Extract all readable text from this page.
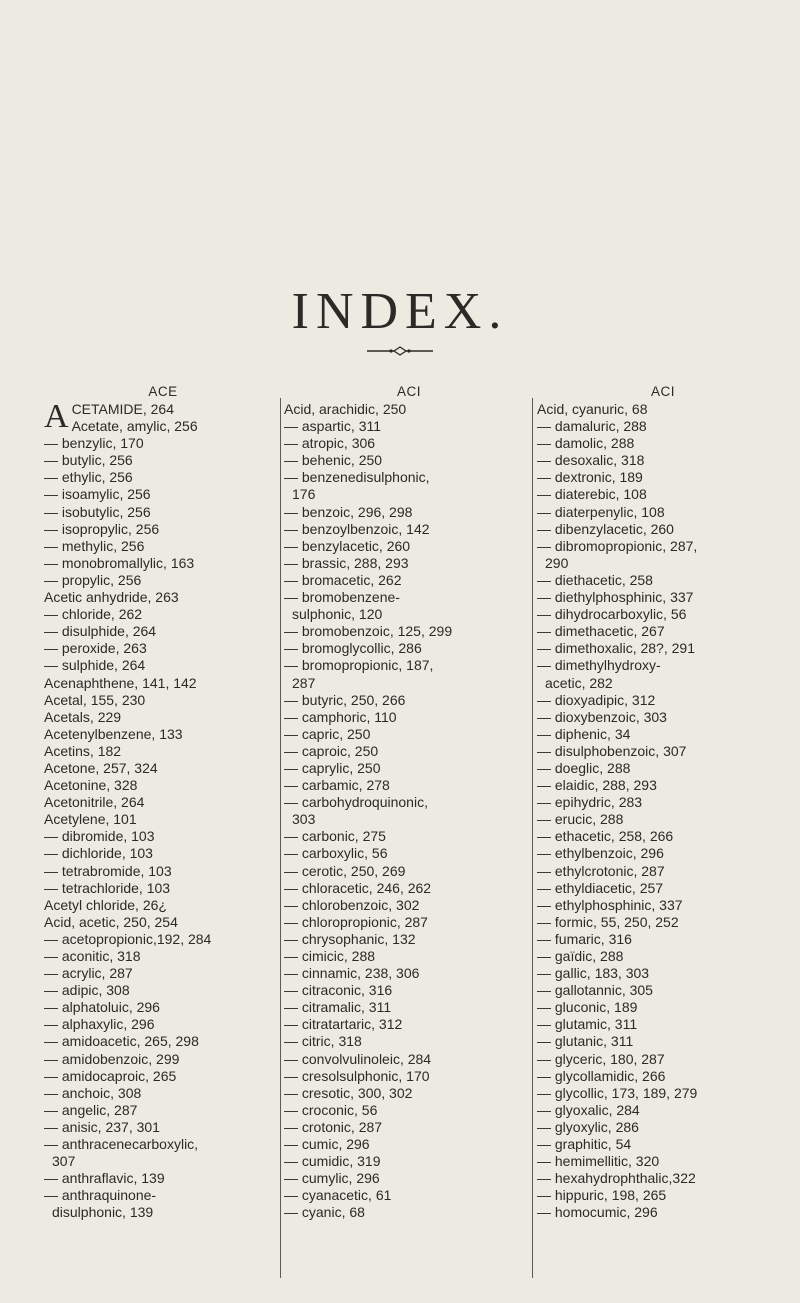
INDEX.
ACE
A CETAMIDE, 264
Acetate, amylic, 256
— benzylic, 170
— butylic, 256
— ethylic, 256
— isoamylic, 256
— isobutylic, 256
— isopropylic, 256
— methylic, 256
— monobromallylic, 163
— propylic, 256
Acetic anhydride, 263
— chloride, 262
— disulphide, 264
— peroxide, 263
— sulphide, 264
Acenaphthene, 141, 142
Acetal, 155, 230
Acetals, 229
Acetenylbenzene, 133
Acetins, 182
Acetone, 257, 324
Acetonine, 328
Acetonitrile, 264
Acetylene, 101
— dibromide, 103
— dichloride, 103
— tetrabromide, 103
— tetrachloride, 103
Acetyl chloride, 26¿
Acid, acetic, 250, 254
— acetopropionic,192, 284
— aconitic, 318
— acrylic, 287
— adipic, 308
— alphatoluic, 296
— alphaxylic, 296
— amidoacetic, 265, 298
— amidobenzoic, 299
— amidocaproic, 265
— anchoic, 308
— angelic, 287
— anisic, 237, 301
— anthracenecarboxylic,
307
— anthraflavic, 139
— anthraquinone-
disulphonic, 139
ACI
Acid, arachidic, 250
— aspartic, 311
— atropic, 306
— behenic, 250
— benzenedisulphonic,
176
— benzoic, 296, 298
— benzoylbenzoic, 142
— benzylacetic, 260
— brassic, 288, 293
— bromacetic, 262
— bromobenzene-
sulphonic, 120
— bromobenzoic, 125, 299
— bromoglycollic, 286
— bromopropionic, 187,
287
— butyric, 250, 266
— camphoric, 110
— capric, 250
— caproic, 250
— caprylic, 250
— carbamic, 278
— carbohydroquinonic,
303
— carbonic, 275
— carboxylic, 56
— cerotic, 250, 269
— chloracetic, 246, 262
— chlorobenzoic, 302
— chloropropionic, 287
— chrysophanic, 132
— cimicic, 288
— cinnamic, 238, 306
— citraconic, 316
— citramalic, 311
— citratartaric, 312
— citric, 318
— convolvulinoleic, 284
— cresolsulphonic, 170
— cresotic, 300, 302
— croconic, 56
— crotonic, 287
— cumic, 296
— cumidic, 319
— cumylic, 296
— cyanacetic, 61
— cyanic, 68
ACI
Acid, cyanuric, 68
— damaluric, 288
— damolic, 288
— desoxalic, 318
— dextronic, 189
— diaterebic, 108
— diaterpenylic, 108
— dibenzylacetic, 260
— dibromopropionic, 287,
290
— diethacetic, 258
— diethylphosphinic, 337
— dihydrocarboxylic, 56
— dimethacetic, 267
— dimethoxalic, 28?, 291
— dimethylhydroxy-
acetic, 282
— dioxyadipic, 312
— dioxybenzoic, 303
— diphenic, 34
— disulphobenzoic, 307
— doeglic, 288
— elaidic, 288, 293
— epihydric, 283
— erucic, 288
— ethacetic, 258, 266
— ethylbenzoic, 296
— ethylcrotonic, 287
— ethyldiacetic, 257
— ethylphosphinic, 337
— formic, 55, 250, 252
— fumaric, 316
— gaïdic, 288
— gallic, 183, 303
— gallotannic, 305
— gluconic, 189
— glutamic, 311
— glutanic, 311
— glyceric, 180, 287
— glycollamidic, 266
— glycollic, 173, 189, 279
— glyoxalic, 284
— glyoxylic, 286
— graphitic, 54
— hemimellitic, 320
— hexahydrophthalic,322
— hippuric, 198, 265
— homocumic, 296
